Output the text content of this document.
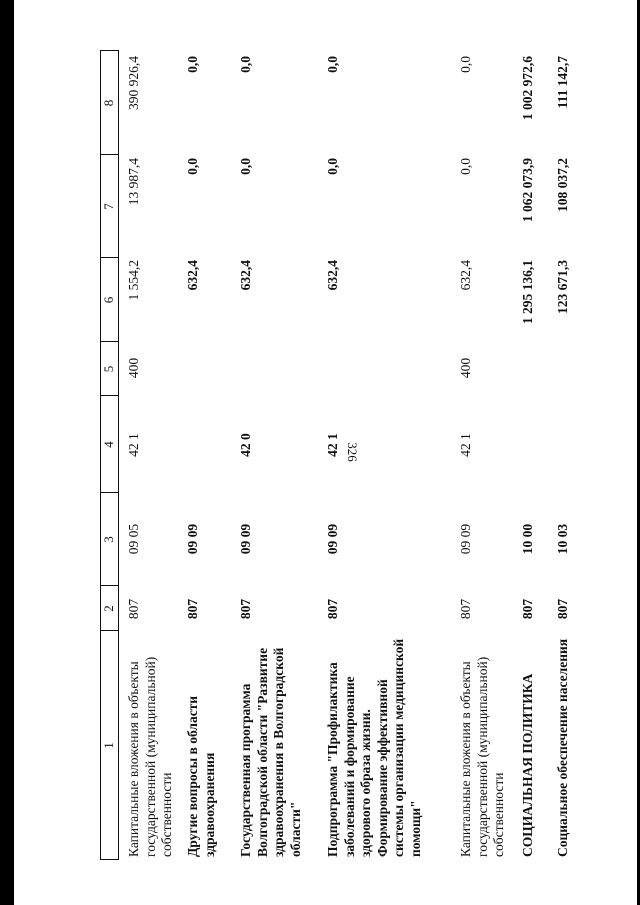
326
1
2
3
4
5
6
7
8
Капитальные вложения в объекты государственной (муниципальной) собственности
807
09 05
42 1
400
1 554,2
13 987,4
390 926,4
Другие вопросы в области здравоохранения
807
09 09
632,4
0,0
0,0
Государственная программа Волгоградской области "Развитие здравоохранения в Волгоградской области"
807
09 09
42 0
632,4
0,0
0,0
Подпрограмма "Профилактика заболеваний и формирование здорового образа жизни. Формирование эффективной системы организации медицинской помощи"
807
09 09
42 1
632,4
0,0
0,0
Капитальные вложения в объекты государственной (муниципальной) собственности
807
09 09
42 1
400
632,4
0,0
0,0
СОЦИАЛЬНАЯ ПОЛИТИКА
807
10 00
1 295 136,1
1 062 073,9
1 002 972,6
Социальное обеспечение населения
807
10 03
123 671,3
108 037,2
111 142,7
